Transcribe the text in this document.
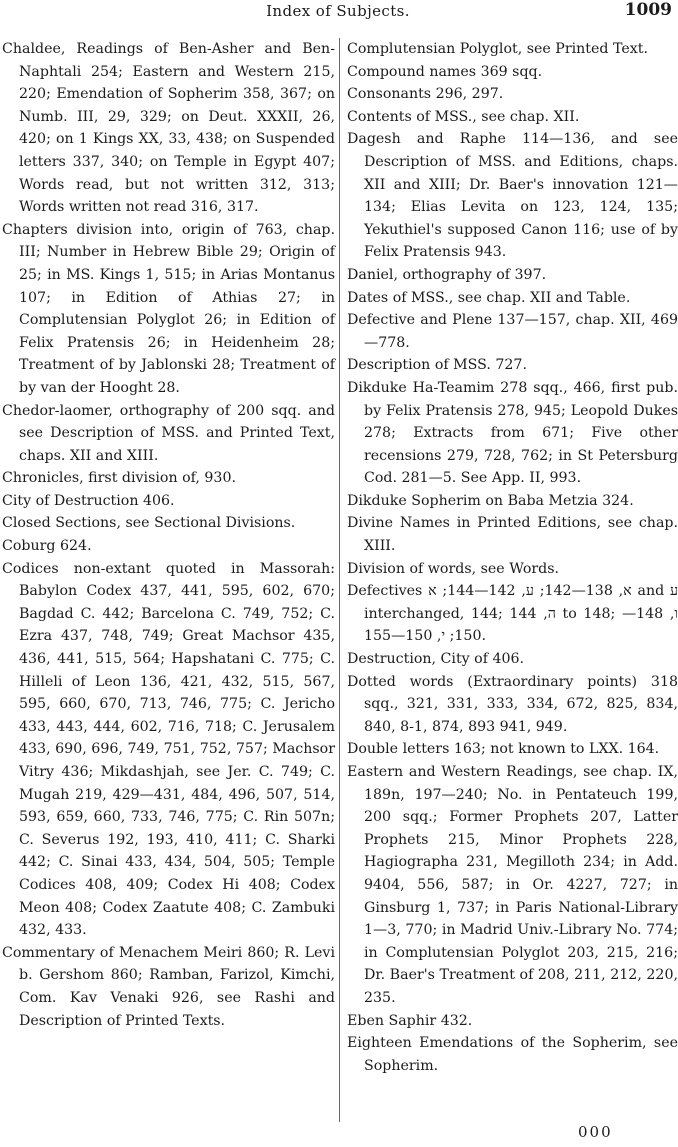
Index of Subjects.	1009

Chaldee, Readings of Ben-Asher and Ben-Naphtali 254; Eastern and Western 215, 220; Emendation of Sopherim 358, 367; on Numb. III, 29, 329; on Deut. XXXII, 26, 420; on 1 Kings XX, 33, 438; on Suspended letters 337, 340; on Temple in Egypt 407; Words read, but not written 312, 313; Words written not read 316, 317.

Chapters division into, origin of 763, chap. III; Number in Hebrew Bible 29; Origin of 25; in MS. Kings 1, 515; in Arias Montanus 107; in Edition of Athias 27; in Complutensian Polyglot 26; in Edition of Felix Pratensis 26; in Heidenheim 28; Treatment of by Jablonski 28; Treatment of by van der Hooght 28.

Chedor-laomer, orthography of 200 sqq. and see Description of MSS. and Printed Text, chaps. XII and XIII.

Chronicles, first division of, 930.

City of Destruction 406.

Closed Sections, see Sectional Divisions.

Coburg 624.

Codices non-extant quoted in Massorah: Babylon Codex 437, 441, 595, 602, 670; Bagdad C. 442; Barcelona C. 749, 752; C. Ezra 437, 748, 749; Great Machsor 435, 436, 441, 515, 564; Hapshatani C. 775; C. Hilleli of Leon 136, 421, 432, 515, 567, 595, 660, 670, 713, 746, 775; C. Jericho 433, 443, 444, 602, 716, 718; C. Jerusalem 433, 690, 696, 749, 751, 752, 757; Machsor Vitry 436; Mikdashjah, see Jer. C. 749; C. Mugah 219, 429—431, 484, 496, 507, 514, 593, 659, 660, 733, 746, 775; C. Rin 507n; C. Severus 192, 193, 410, 411; C. Sharki 442; C. Sinai 433, 434, 504, 505; Temple Codices 408, 409; Codex Hi 408; Codex Meon 408; Codex Zaatute 408; C. Zambuki 432, 433.

Commentary of Menachem Meiri 860; R. Levi b. Gershom 860; Ramban, Farizol, Kimchi, Com. Kav Venaki 926, see Rashi and Description of Printed Texts.

Complutensian Polyglot, see Printed Text.

Compound names 369 sqq.

Consonants 296, 297.

Contents of MSS., see chap. XII.

Dagesh and Raphe 114—136, and see Description of MSS. and Editions, chaps. XII and XIII; Dr. Baer's innovation 121—134; Elias Levita on 123, 124, 135; Yekuthiel's supposed Canon 116; use of by Felix Pratensis 943.

Daniel, orthography of 397.

Dates of MSS., see chap. XII and Table.

Defective and Plene 137—157, chap. XII, 469—778.

Description of MSS. 727.

Dikduke Ha-Teamim 278 sqq., 466, first pub. by Felix Pratensis 278, 945; Leopold Dukes 278; Extracts from 671; Five other recensions 279, 728, 762; in St Petersburg Cod. 281—5. See App. II, 993.

Dikduke Sopherim on Baba Metzia 324.

Divine Names in Printed Editions, see chap. XIII.

Division of words, see Words.

Defectives א, 138—142; ע, 142—144; א and ע interchanged, 144; ה, 144 to 148; ו, 148—150; י, 150—155.

Destruction, City of 406.

Dotted words (Extraordinary points) 318 sqq., 321, 331, 333, 334, 672, 825, 834, 840, 8-1, 874, 893 941, 949.

Double letters 163; not known to LXX. 164.

Eastern and Western Readings, see chap. IX, 189n, 197—240; No. in Pentateuch 199, 200 sqq.; Former Prophets 207, Latter Prophets 215, Minor Prophets 228, Hagiographa 231, Megilloth 234; in Add. 9404, 556, 587; in Or. 4227, 727; in Ginsburg 1, 737; in Paris National-Library 1—3, 770; in Madrid Univ.-Library No. 774; in Complutensian Polyglot 203, 215, 216; Dr. Baer's Treatment of 208, 211, 212, 220, 235.

Eben Saphir 432.

Eighteen Emendations of the Sopherim, see Sopherim.

000
